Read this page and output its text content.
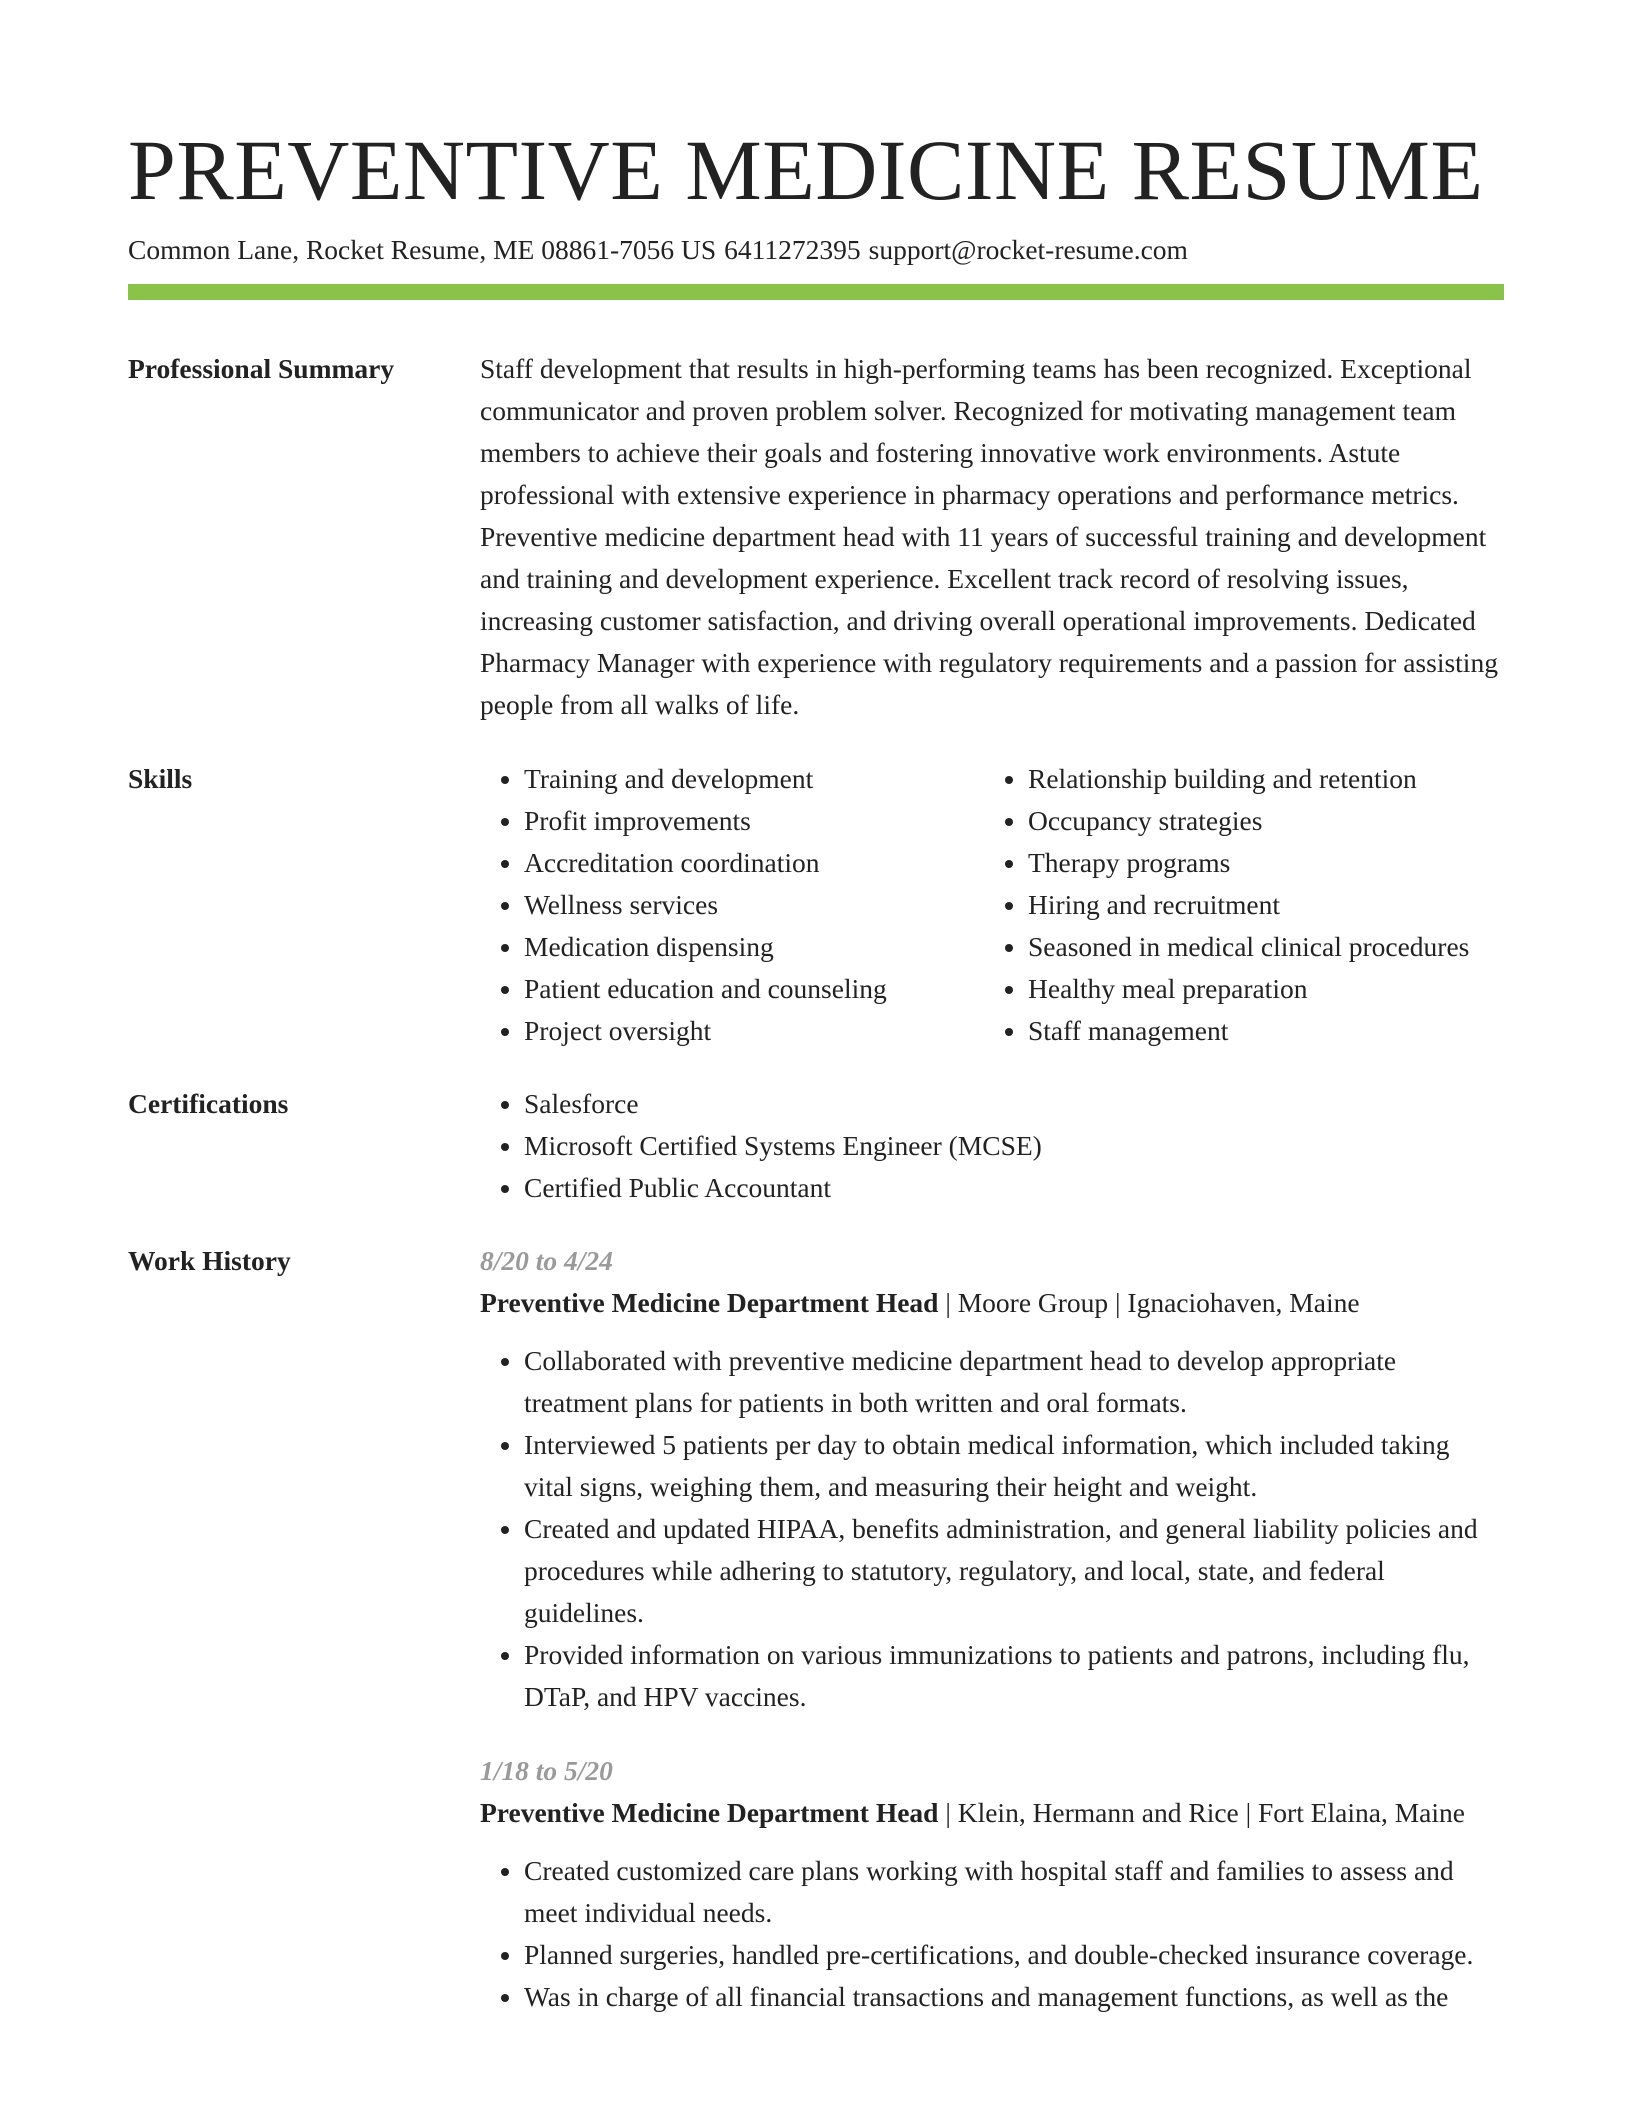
PREVENTIVE MEDICINE RESUME
Common Lane, Rocket Resume, ME 08861-7056 US 6411272395 support@rocket-resume.com
Professional Summary	Staff development that results in high-performing teams has been recognized. Exceptional communicator and proven problem solver. Recognized for motivating management team members to achieve their goals and fostering innovative work environments. Astute professional with extensive experience in pharmacy operations and performance metrics. Preventive medicine department head with 11 years of successful training and development and training and development experience. Excellent track record of resolving issues, increasing customer satisfaction, and driving overall operational improvements. Dedicated Pharmacy Manager with experience with regulatory requirements and a passion for assisting people from all walks of life.
Skills	• Training and development
• Profit improvements
• Accreditation coordination
• Wellness services
• Medication dispensing
• Patient education and counseling
• Project oversight
• Relationship building and retention
• Occupancy strategies
• Therapy programs
• Hiring and recruitment
• Seasoned in medical clinical procedures
• Healthy meal preparation
• Staff management
Certifications	• Salesforce
• Microsoft Certified Systems Engineer (MCSE)
• Certified Public Accountant
Work History	8/20 to 4/24
Preventive Medicine Department Head | Moore Group | Ignaciohaven, Maine
• Collaborated with preventive medicine department head to develop appropriate treatment plans for patients in both written and oral formats.
• Interviewed 5 patients per day to obtain medical information, which included taking vital signs, weighing them, and measuring their height and weight.
• Created and updated HIPAA, benefits administration, and general liability policies and procedures while adhering to statutory, regulatory, and local, state, and federal guidelines.
• Provided information on various immunizations to patients and patrons, including flu, DTaP, and HPV vaccines.
1/18 to 5/20
Preventive Medicine Department Head | Klein, Hermann and Rice | Fort Elaina, Maine
• Created customized care plans working with hospital staff and families to assess and meet individual needs.
• Planned surgeries, handled pre-certifications, and double-checked insurance coverage.
• Was in charge of all financial transactions and management functions, as well as the
